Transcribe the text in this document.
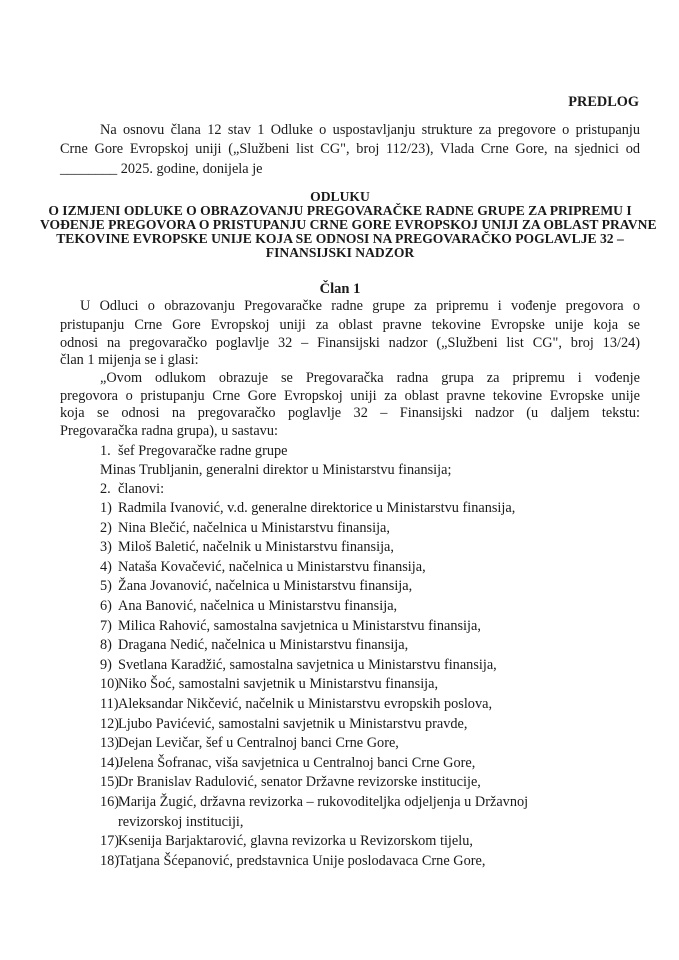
PREDLOG
Na osnovu člana 12 stav 1 Odluke o uspostavljanju strukture za pregovore o pristupanju
Crne Gore Evropskoj uniji („Službeni list CG", broj 112/23), Vlada Crne Gore, na sjednici od
________ 2025. godine, donijela je
ODLUKU
O IZMJENI ODLUKE O OBRAZOVANJU PREGOVARAČKE RADNE GRUPE ZA PRIPREMU I
VOĐENJE PREGOVORA O PRISTUPANJU CRNE GORE EVROPSKOJ UNIJI ZA OBLAST PRAVNE
TEKOVINE EVROPSKE UNIJE KOJA SE ODNOSI NA PREGOVARAČKO POGLAVLJE 32 –
FINANSIJSKI NADZOR
Član 1
U Odluci o obrazovanju Pregovaračke radne grupe za pripremu i vođenje pregovora o
pristupanju Crne Gore Evropskoj uniji za oblast pravne tekovine Evropske unije koja se
odnosi na pregovaračko poglavlje 32 – Finansijski nadzor („Službeni list CG", broj 13/24)
član 1 mijenja se i glasi:
„Ovom odlukom obrazuje se Pregovaračka radna grupa za pripremu i vođenje
pregovora o pristupanju Crne Gore Evropskoj uniji za oblast pravne tekovine Evropske unije
koja se odnosi na pregovaračko poglavlje 32 – Finansijski nadzor (u daljem tekstu:
Pregovaračka radna grupa), u sastavu:
1. šef Pregovaračke radne grupe
Minas Trubljanin, generalni direktor u Ministarstvu finansija;
2. članovi:
1) Radmila Ivanović, v.d. generalne direktorice u Ministarstvu finansija,
2) Nina Blečić, načelnica u Ministarstvu finansija,
3) Miloš Baletić, načelnik u Ministarstvu finansija,
4) Nataša Kovačević, načelnica u Ministarstvu finansija,
5) Žana Jovanović, načelnica u Ministarstvu finansija,
6) Ana Banović, načelnica u Ministarstvu finansija,
7) Milica Rahović, samostalna savjetnica u Ministarstvu finansija,
8) Dragana Nedić, načelnica u Ministarstvu finansija,
9) Svetlana Karadžić, samostalna savjetnica u Ministarstvu finansija,
10)Niko Šoć, samostalni savjetnik u Ministarstvu finansija,
11)Aleksandar Nikčević, načelnik u Ministarstvu evropskih poslova,
12)Ljubo Pavićević, samostalni savjetnik u Ministarstvu pravde,
13)Dejan Levičar, šef u Centralnoj banci Crne Gore,
14)Jelena Šofranac, viša savjetnica u Centralnoj banci Crne Gore,
15)Dr Branislav Radulović, senator Državne revizorske institucije,
16)Marija Žugić, državna revizorka – rukovoditeljka odjeljenja u Državnoj
revizorskoj instituciji,
17)Ksenija Barjaktarović, glavna revizorka u Revizorskom tijelu,
18)Tatjana Šćepanović, predstavnica Unije poslodavaca Crne Gore,
